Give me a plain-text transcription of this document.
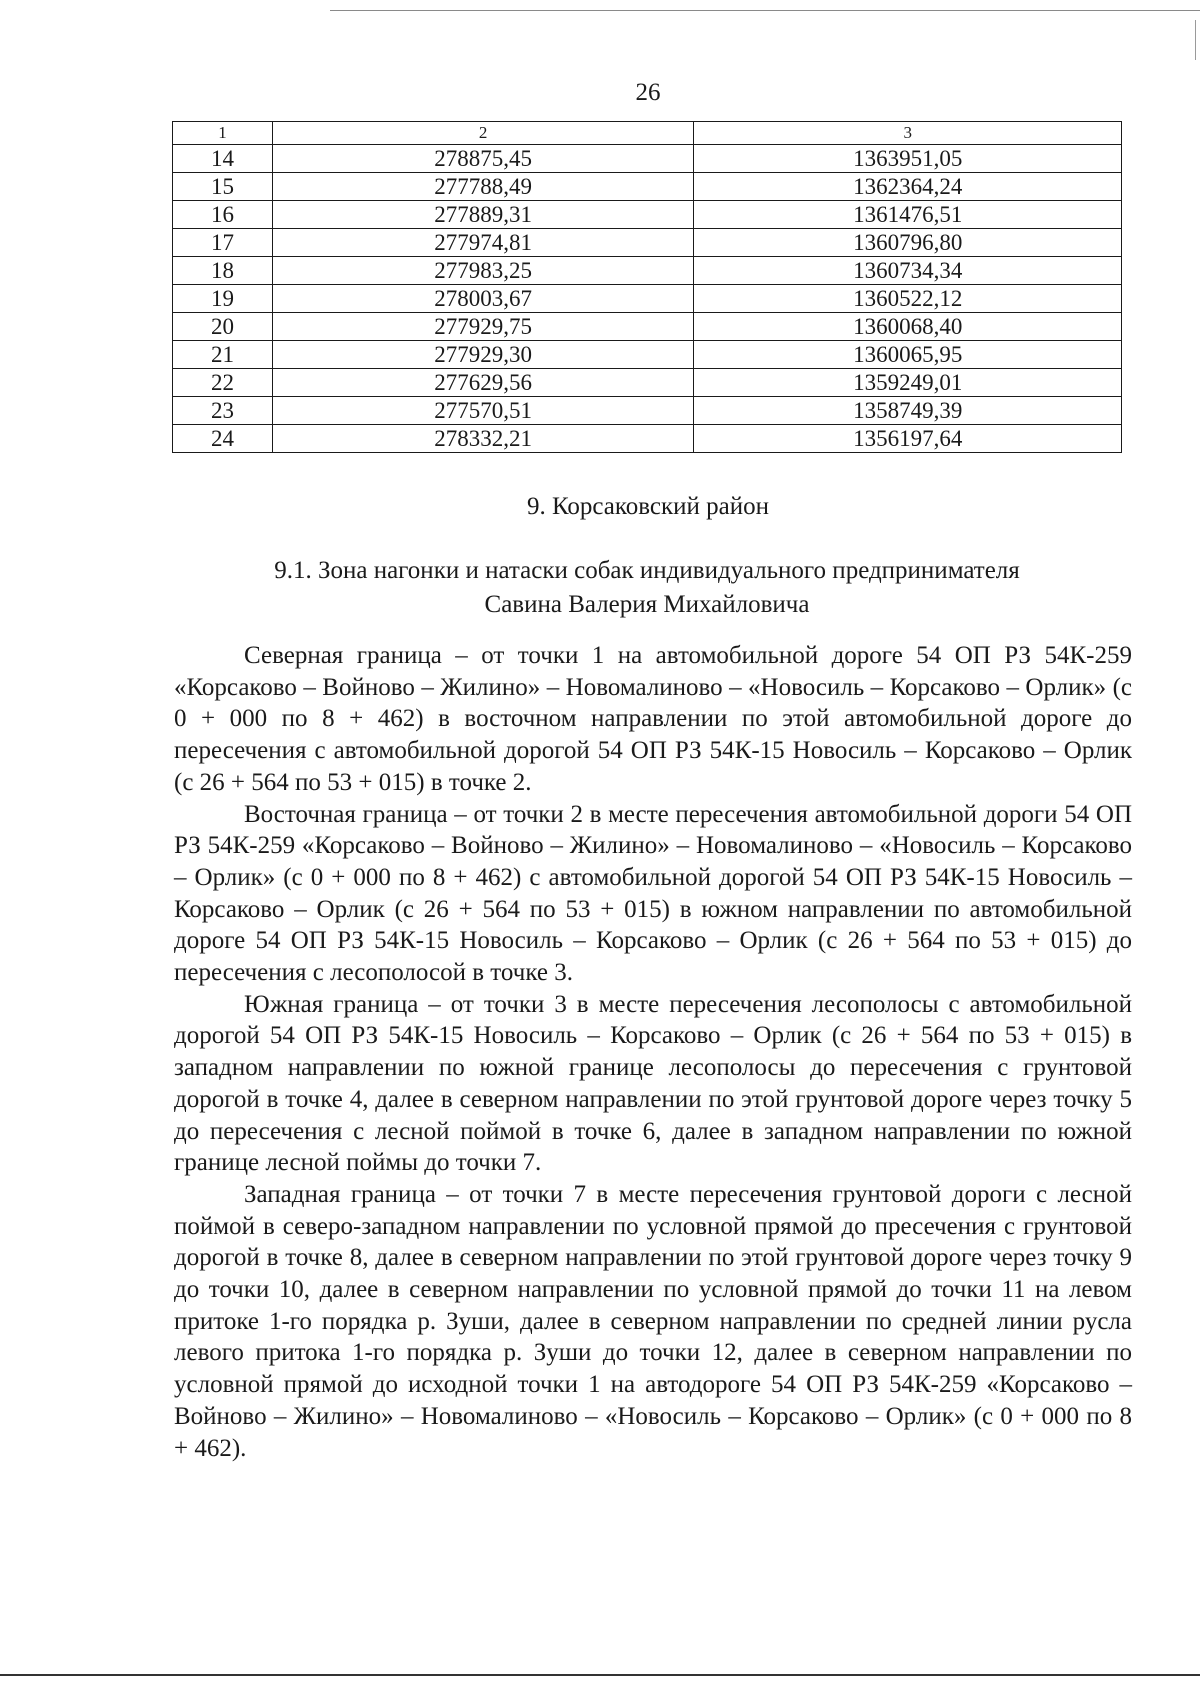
26
1	2	3
14	278875,45	1363951,05
15	277788,49	1362364,24
16	277889,31	1361476,51
17	277974,81	1360796,80
18	277983,25	1360734,34
19	278003,67	1360522,12
20	277929,75	1360068,40
21	277929,30	1360065,95
22	277629,56	1359249,01
23	277570,51	1358749,39
24	278332,21	1356197,64
9. Корсаковский район
9.1. Зона нагонки и натаски собак индивидуального предпринимателя
Савина Валерия Михайловича

Северная граница – от точки 1 на автомобильной дороге 54 ОП РЗ 54К-259 «Корсаково – Войново – Жилино» – Новомалиново – «Новосиль – Корсаково – Орлик» (с 0 + 000 по 8 + 462) в восточном направлении по этой автомобильной дороге до пересечения с автомобильной дорогой 54 ОП РЗ 54К-15 Новосиль – Корсаково – Орлик (с 26 + 564 по 53 + 015) в точке 2.

Восточная граница – от точки 2 в месте пересечения автомобильной дороги 54 ОП РЗ 54К-259 «Корсаково – Войново – Жилино» – Новомалиново – «Новосиль – Корсаково – Орлик» (с 0 + 000 по 8 + 462) с автомобильной дорогой 54 ОП РЗ 54К-15 Новосиль – Корсаково – Орлик (с 26 + 564 по 53 + 015) в южном направлении по автомобильной дороге 54 ОП РЗ 54К-15 Новосиль – Корсаково – Орлик (с 26 + 564 по 53 + 015) до пересечения с лесополосой в точке 3.

Южная граница – от точки 3 в месте пересечения лесополосы с автомобильной дорогой 54 ОП РЗ 54К-15 Новосиль – Корсаково – Орлик (с 26 + 564 по 53 + 015) в западном направлении по южной границе лесополосы до пересечения с грунтовой дорогой в точке 4, далее в северном направлении по этой грунтовой дороге через точку 5 до пересечения с лесной поймой в точке 6, далее в западном направлении по южной границе лесной поймы до точки 7.

Западная граница – от точки 7 в месте пересечения грунтовой дороги с лесной поймой в северо-западном направлении по условной прямой до пресечения с грунтовой дорогой в точке 8, далее в северном направлении по этой грунтовой дороге через точку 9 до точки 10, далее в северном направлении по условной прямой до точки 11 на левом притоке 1-го порядка р. Зуши, далее в северном направлении по средней линии русла левого притока 1-го порядка р. Зуши до точки 12, далее в северном направлении по условной прямой до исходной точки 1 на автодороге 54 ОП РЗ 54К-259 «Корсаково – Войново – Жилино» – Новомалиново – «Новосиль – Корсаково – Орлик» (с 0 + 000 по 8 + 462).
